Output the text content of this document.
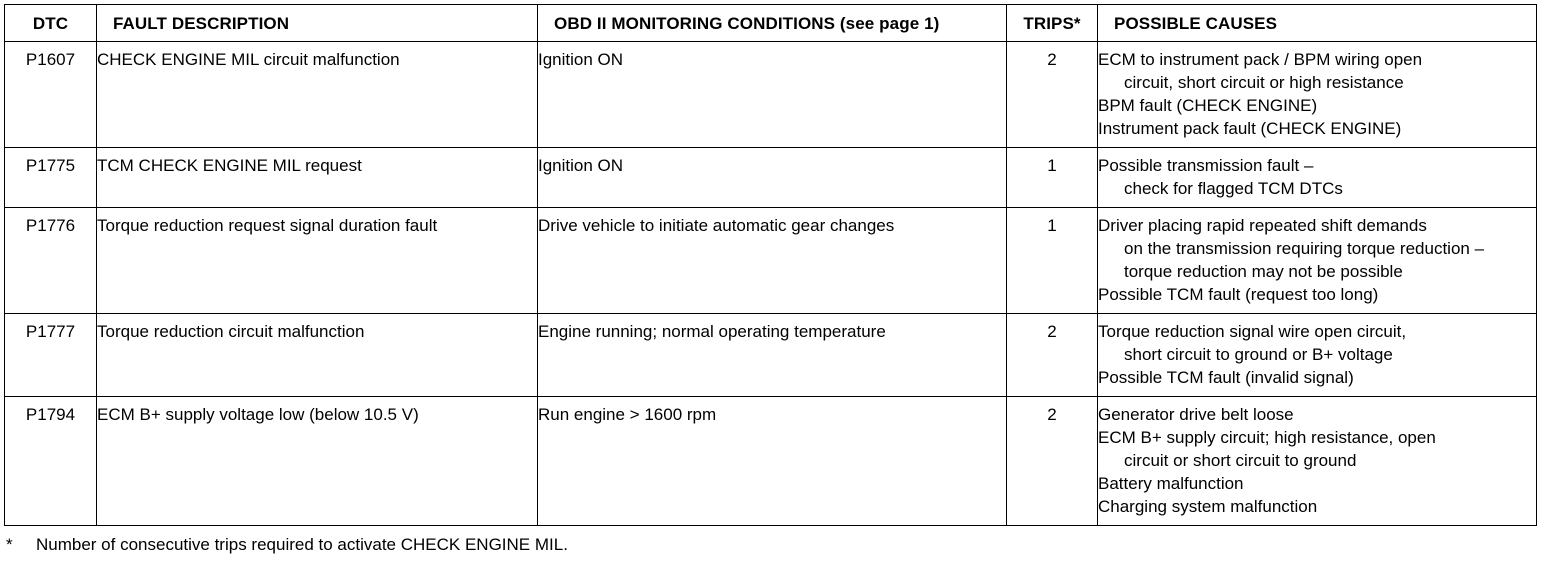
DTC	FAULT DESCRIPTION	OBD II MONITORING CONDITIONS (see page 1)	TRIPS*	POSSIBLE CAUSES
P1607	CHECK ENGINE MIL circuit malfunction	Ignition ON	2	ECM to instrument pack / BPM wiring open
circuit, short circuit or high resistance
BPM fault (CHECK ENGINE)
Instrument pack fault (CHECK ENGINE)

P1775	TCM CHECK ENGINE MIL request	Ignition ON	1	Possible transmission fault –
check for flagged TCM DTCs

P1776	Torque reduction request signal duration fault	Drive vehicle to initiate automatic gear changes	1	Driver placing rapid repeated shift demands
on the transmission requiring torque reduction –
torque reduction may not be possible
Possible TCM fault (request too long)

P1777	Torque reduction circuit malfunction	Engine running; normal operating temperature	2	Torque reduction signal wire open circuit,
short circuit to ground or B+ voltage
Possible TCM fault (invalid signal)

P1794	ECM B+ supply voltage low (below 10.5 V)	Run engine > 1600 rpm	2	Generator drive belt loose
ECM B+ supply circuit; high resistance, open
circuit or short circuit to ground
Battery malfunction
Charging system malfunction
* Number of consecutive trips required to activate CHECK ENGINE MIL.
